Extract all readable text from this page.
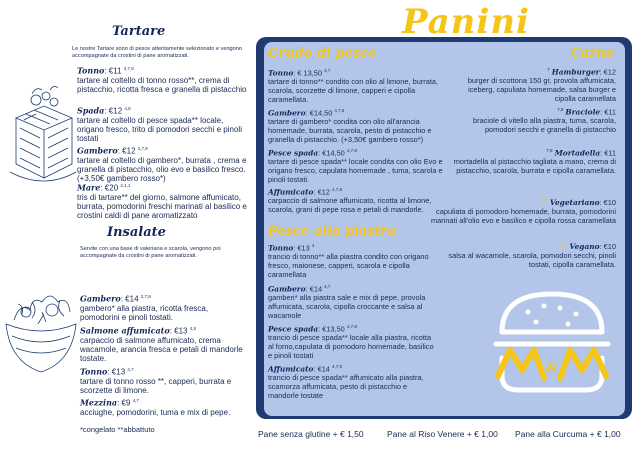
Tartare
Le nostre Tartare sono di pesce attentamente selezionato e vengono accompagnate da crostini di pane aromatizzati.
Tonno: €11 $^{4,7,8}$
tartare al coltello di tonno rosso**, crema di pistacchio, ricotta fresca e granella di pistacchio
Spada: €12 $^{4,8}$
tartare al coltello di pesce spada** locale, origano fresco, trito di pomodori secchi e pinoli tostati
Gambero: €12 $^{2,7,8}$
tartare al coltello di gambero*, burrata , crema e granella di pistacchio, olio evo e basilico fresco. (+3,50€ gambero rosso*)
Mare: €20 $^{2,4,1}$
tris di tartare** del giorno, salmone affumicato, burrata, pomodorini freschi marinati al basilico e crostini caldi di pane aromatizzato
Insalate
Servite con una base di valeriana e scarola, vengono poi accompagnate da crostini di pane aromatizzati.
Gambero: €14 $^{2,7,8}$
gambero* alla piastra, ricotta fresca, pomodorini e pinoli tostati.
Salmone affumicato: €13 $^{4,8}$
carpaccio di salmone affumicato, crema wacamole, arancia fresca e petali di mandorle tostate.
Tonno: €13 $^{4,7}$
tartare di tonno rosso **, capperi, burrata e scorzette di limone.
Mezzina: €9 $^{4,7}$
acciughe, pomodorini, tuma e mix di pepe.
*congelato **abbattuto
Panini
Crudo di pesce
Tonno: € 13,50 $^{4,7}$
tartare di tonno** condito con olio al limone, burrata, scarola, scorzette di limone, capperi e cipolla caramellata.
Gambero: €14,50 $^{4,7,8}$
tartare di gambero* condita con olio all'arancia homemade, burrata, scarola, pesto di pistacchio e granella di pistacchio. (+3,50€ gambero rosso*)
Pesce spada: €14,50 $^{4,7,8}$
tartare di pesce spada** locale condita con olio Evo e origano fresco, capulata homemade , tuma, scarola e pinoli tostati.
Affumicato: €12 $^{4,7,8}$
carpaccio di salmone affumicato, ricotta al limone, scarola, grani di pepe rosa e petali di mandorle.
Pesce alla piastra
Tonno: €13 $^4$
trancio di tonno** alla piastra condito con origano fresco, maionese, capperi, scarola e cipolla caramellata
Gambero: €14 $^{4,7}$
gamberi* alla piastra sale e mix di pepe, provola affumicata, scarola, cipolla croccante e salsa al wacamole
Pesce spada: €13,50 $^{4,7,8}$
trancio di pesce spada** locale alla piastra, ricotta al forno,capulata di pomodoro homemade, basilico e pinoli tostati
Affumicato: €14 $^{4,7,8}$
trancio di pesce spada** affumicato alla piastra, scamorza affumicata, pesto di pistacchio e mandorle tostate
Carne
$^7$ Hamburger: €12
burger di scottona 150 gr, provola affumicata, iceberg, capuliata homemade, salsa burger e cipolla caramellata
$^{7,8}$ Braciole: €11
braciole di vitello alla piastra, tuma, scarola, pomodori secchi e granella di pistacchio
$^{7,8}$ Mortadella: €11
mortadella al pistacchio tagliata a mano, crema di pistacchio, scarola, burrata e cipolla caramellata.
✓ Vegetariano: €10
capuliata di pomodoro homemade, burrata, pomodorini marinati all'olio evo e basilico e cipolla rossa caramellata
✓ Vegano: €10
salsa al wacamole, scarola, pomodori secchi, pinoli tostati, cipolla caramellata.
&
Pane senza glutine + € 1,50	Pane al Riso Venere + € 1,00 Pane alla Curcuma + € 1,00
